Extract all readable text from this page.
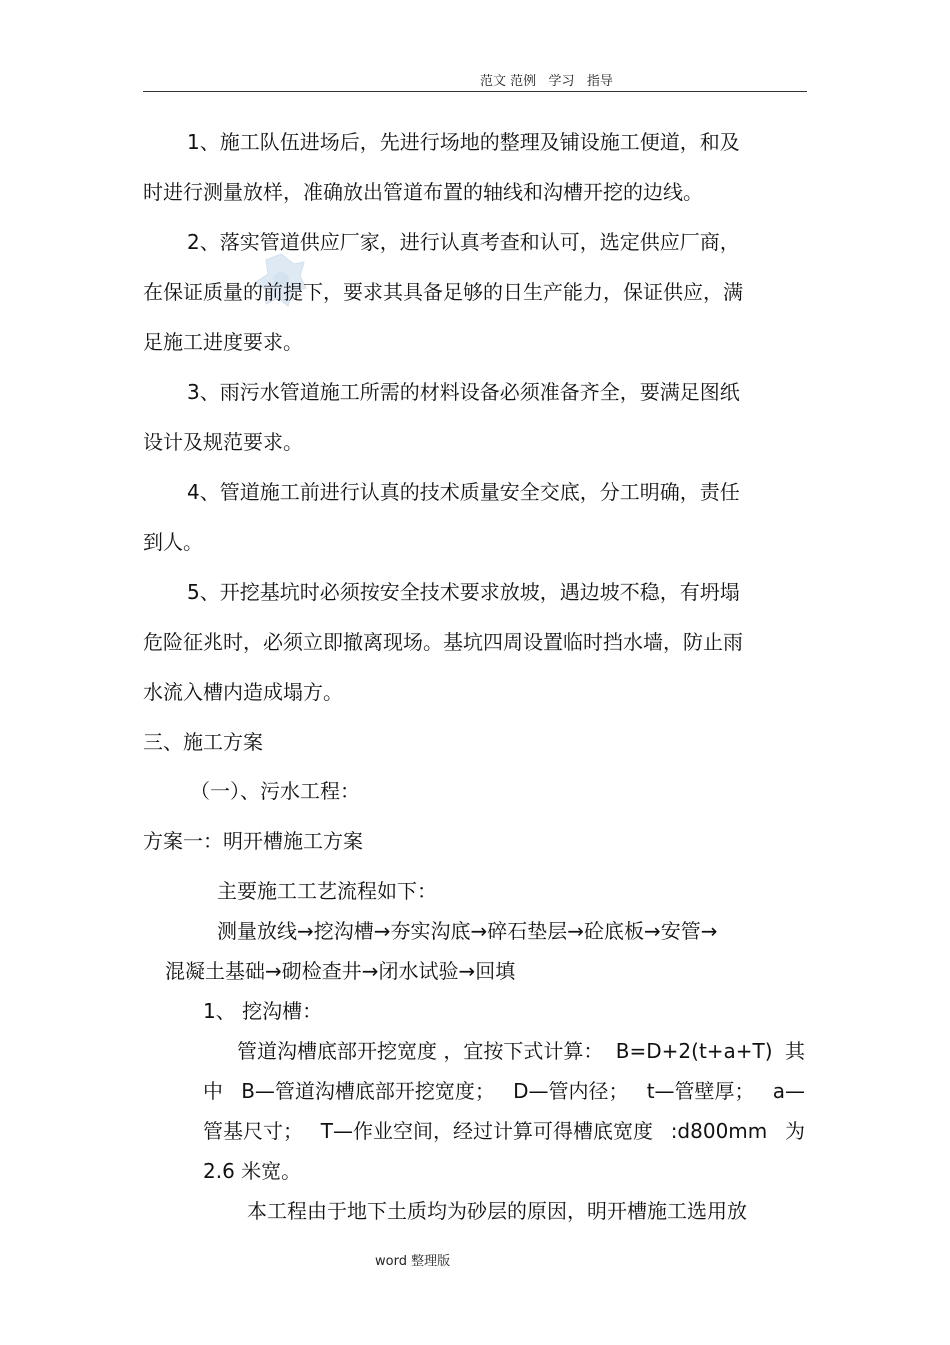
范文 范例   学习   指导
1、施工队伍进场后，先进行场地的整理及铺设施工便道，和及
时进行测量放样，准确放出管道布置的轴线和沟槽开挖的边线。
2、落实管道供应厂家，进行认真考查和认可，选定供应厂商，
在保证质量的前提下，要求其具备足够的日生产能力，保证供应，满
足施工进度要求。
3、雨污水管道施工所需的材料设备必须准备齐全，要满足图纸
设计及规范要求。
4、管道施工前进行认真的技术质量安全交底，分工明确，责任
到人。
5、开挖基坑时必须按安全技术要求放坡，遇边坡不稳，有坍塌
危险征兆时，必须立即撤离现场。基坑四周设置临时挡水墙，防止雨
水流入槽内造成塌方。
三、施工方案
（一）、污水工程：
方案一：明开槽施工方案
主要施工工艺流程如下：
测量放线→挖沟槽→夯实沟底→碎石垫层→砼底板→安管→
混凝土基础→砌检查井→闭水试验→回填
1、 挖沟槽：
管道沟槽底部开挖宽度 ，宜按下式计算： B=D+2(t+a+T) 其
中 B—管道沟槽底部开挖宽度； D—管内径； t—管壁厚； a—
管基尺寸； T—作业空间，经过计算可得槽底宽度 :d800mm 为
2.6 米宽。
本工程由于地下土质均为砂层的原因，明开槽施工选用放
word 整理版
